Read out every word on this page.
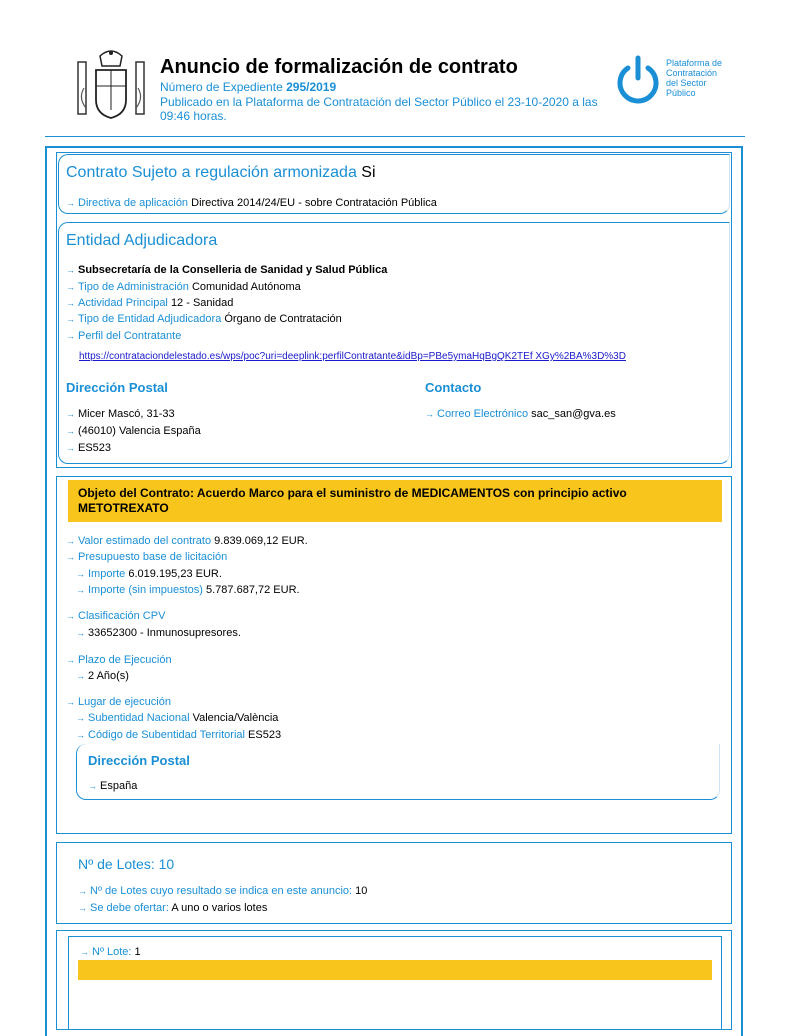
Anuncio de formalización de contrato
Número de Expediente 295/2019
Publicado en la Plataforma de Contratación del Sector Público el 23-10-2020 a las 09:46 horas.
Plataforma de
Contratación
del Sector
Público
Contrato Sujeto a regulación armonizada Si
→ Directiva de aplicación Directiva 2014/24/EU - sobre Contratación Pública
Entidad Adjudicadora
→ Subsecretaría de la Conselleria de Sanidad y Salud Pública
→ Tipo de Administración Comunidad Autónoma
→ Actividad Principal 12 - Sanidad
→ Tipo de Entidad Adjudicadora Órgano de Contratación
→ Perfil del Contratante
https://contrataciondelestado.es/wps/poc?uri=deeplink:perfilContratante&idBp=PBe5ymaHqBgQK2TEf XGy%2BA%3D%3D
Dirección Postal
→ Micer Mascó, 31-33
→ (46010) Valencia España
→ ES523
Contacto
→ Correo Electrónico sac_san@gva.es
Objeto del Contrato: Acuerdo Marco para el suministro de MEDICAMENTOS con principio activo METOTREXATO
→ Valor estimado del contrato 9.839.069,12 EUR.
→ Presupuesto base de licitación
→ Importe 6.019.195,23 EUR.
→ Importe (sin impuestos) 5.787.687,72 EUR.
→ Clasificación CPV
→ 33652300 - Inmunosupresores.
→ Plazo de Ejecución
→ 2 Año(s)
→ Lugar de ejecución
→ Subentidad Nacional Valencia/València
→ Código de Subentidad Territorial ES523
Dirección Postal
→ España
Nº de Lotes: 10
→ Nº de Lotes cuyo resultado se indica en este anuncio: 10
→ Se debe ofertar: A uno o varios lotes
→ Nº Lote: 1
